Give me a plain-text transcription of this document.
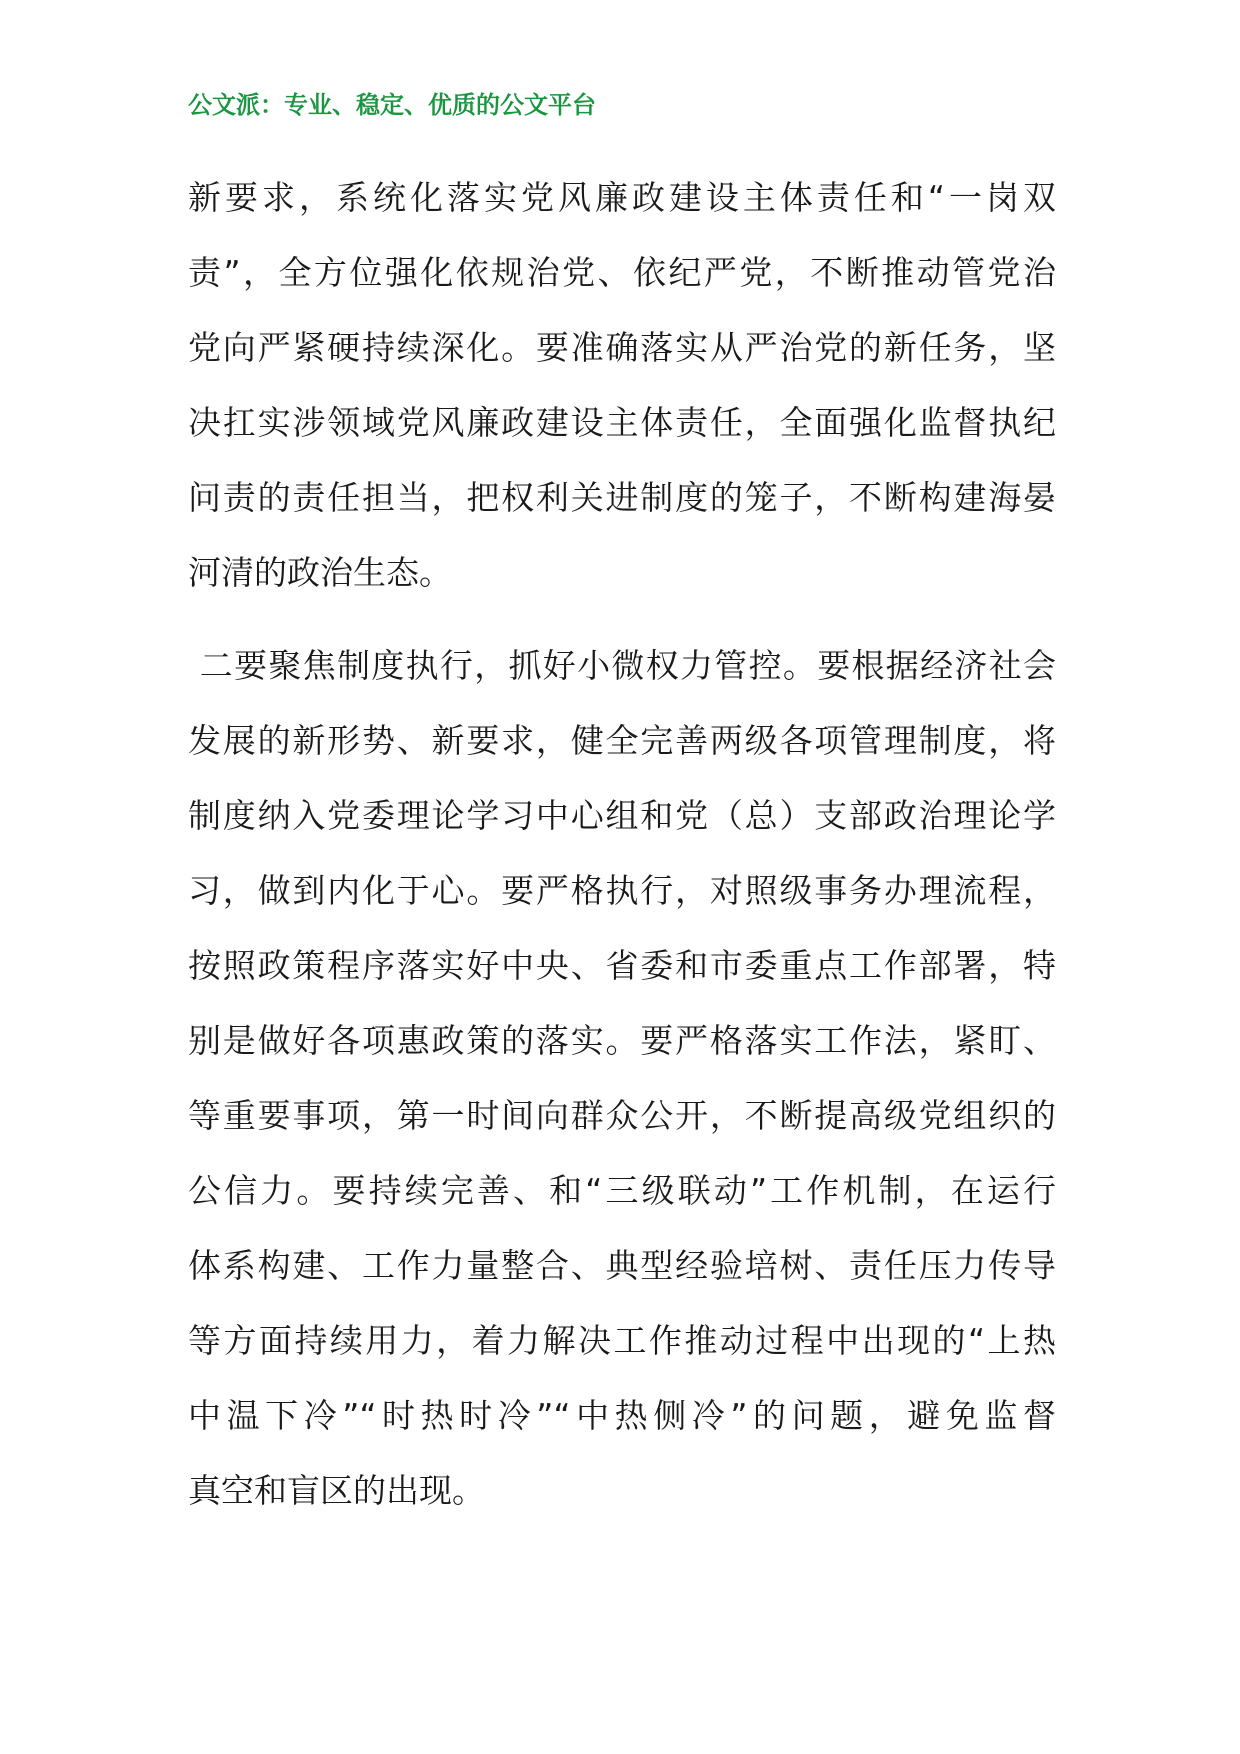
公文派：专业、稳定、优质的公文平台
新要求，系统化落实党风廉政建设主体责任和“一岗双
责”，全方位强化依规治党、依纪严党，不断推动管党治
党向严紧硬持续深化。要准确落实从严治党的新任务，坚
决扛实涉领域党风廉政建设主体责任，全面强化监督执纪
问责的责任担当，把权利关进制度的笼子，不断构建海晏
河清的政治生态。
二要聚焦制度执行，抓好小微权力管控。要根据经济社会
发展的新形势、新要求，健全完善两级各项管理制度，将
制度纳入党委理论学习中心组和党（总）支部政治理论学
习，做到内化于心。要严格执行，对照级事务办理流程，
按照政策程序落实好中央、省委和市委重点工作部署，特
别是做好各项惠政策的落实。要严格落实工作法，紧盯、
等重要事项，第一时间向群众公开，不断提高级党组织的
公信力。要持续完善、和“三级联动”工作机制，在运行
体系构建、工作力量整合、典型经验培树、责任压力传导
等方面持续用力，着力解决工作推动过程中出现的“上热
中温下冷”“时热时冷”“中热侧冷”的问题，避免监督
真空和盲区的出现。
